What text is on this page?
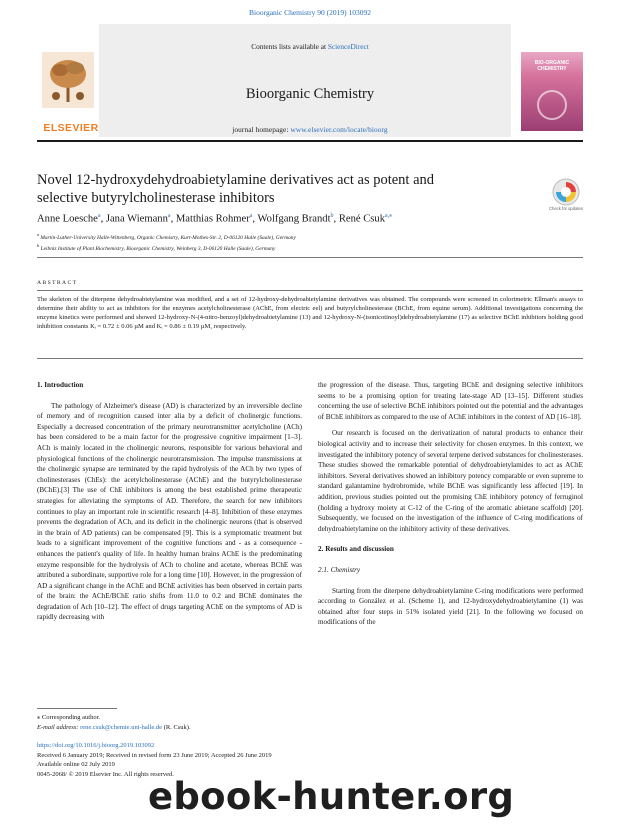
Bioorganic Chemistry 90 (2019) 103092
Contents lists available at ScienceDirect
Bioorganic Chemistry
journal homepage: www.elsevier.com/locate/bioorg
ELSEVIER
BIO-ORGANIC CHEMISTRY
Novel 12-hydroxydehydroabietylamine derivatives act as potent and selective butyrylcholinesterase inhibitors
Check for updates
Anne Loesche$^a$, Jana Wiemann$^a$, Matthias Rohmer$^a$, Wolfgang Brandt$^b$, René Csuk$^{a,⁎}$
$^a$ Martin-Luther-University Halle-Wittenberg, Organic Chemistry, Kurt-Mothes-Str. 2, D-06120 Halle (Saale), Germany
$^b$ Leibniz Institute of Plant Biochemistry, Bioorganic Chemistry, Weinberg 3, D-06120 Halle (Saale), Germany
ABSTRACT
The skeleton of the diterpene dehydroabietylamine was modified, and a set of 12-hydroxy-dehydroabietylamine derivatives was obtained. The compounds were screened in colorimetric Ellman's assays to determine their ability to act as inhibitors for the enzymes acetylcholinesterase (AChE, from electric eel) and butyrylcholinesterase (BChE, from equine serum). Additional investigations concerning the enzyme kinetics were performed and showed 12-hydroxy-N-(4-nitro-benzoyl)dehydroabietylamine (13) and 12-hydroxy-N-(isonicotinoyl)dehydroabietylamine (17) as selective BChE inhibitors holding good inhibition constants Kᵢ = 0.72 ± 0.06 µM and Kᵢ = 0.86 ± 0.19 µM, respectively.
1. Introduction
The pathology of Alzheimer's disease (AD) is characterized by an irreversible decline of memory and of recognition caused inter alia by a deficit of cholinergic functions. Especially a decreased concentration of the primary neurotransmitter acetylcholine (ACh) has been considered to be a main factor for the progressive cognitive impairment [1–3]. ACh is mainly located in the cholinergic neurons, responsible for various behavioral and physiological functions of the cholinergic neurotransmission. The impulse transmissions at the cholinergic synapse are terminated by the rapid hydrolysis of the ACh by two types of cholinesterases (ChEs): the acetylcholinesterase (AChE) and the butyrylcholinesterase (BChE).[3] The use of ChE inhibitors is among the best established prime therapeutic strategies for alleviating the symptoms of AD. Therefore, the search for new inhibitors continues to play an important role in scientific research [4–8]. Inhibition of these enzymes prevents the degradation of ACh, and its deficit in the cholinergic neurons (that is observed in the brain of AD patients) can be compensated [9]. This is a symptomatic treatment but leads to a significant improvement of the cognitive functions and - as a consequence - enhances the patient's quality of life. In healthy human brains AChE is the predominating enzyme responsible for the hydrolysis of ACh to choline and acetate, whereas BChE was attributed a subordinate, supportive role for a long time [10]. However, in the progression of AD a significant change in the AChE and BChE activities has been observed in certain parts of the brain: the AChE/BChE ratio shifts from 11.0 to 0.2 and BChE dominates the degradation of Ach [10–12]. The effect of drugs targeting AChE on the symptoms of AD is rapidly decreasing with
the progression of the disease. Thus, targeting BChE and designing selective inhibitors seems to be a promising option for treating late-stage AD [13–15]. Different studies concerning the use of selective BChE inhibitors pointed out the potential and the advantages of BChE inhibitors as compared to the use of AChE inhibitors in the context of AD [16–18].
Our research is focused on the derivatization of natural products to enhance their biological activity and to increase their selectivity for chosen enzymes. In this context, we investigated the inhibitory potency of several terpene derived substances for cholinesterases. These studies showed the remarkable potential of dehydroabietylamides to act as AChE inhibitors. Several derivatives showed an inhibitory potency comparable or even supreme to standard galantamine hydrobromide, while BChE was significantly less affected [19]. In addition, previous studies pointed out the promising ChE inhibitory potency of ferruginol (holding a hydroxy moiety at C-12 of the C-ring of the aromatic abietane scaffold) [20]. Subsequently, we focused on the investigation of the influence of C-ring modifications of dehydroabietylamine on the inhibitory activity of these derivatives.
2. Results and discussion
2.1. Chemistry
Starting from the diterpene dehydroabietylamine C-ring modifications were performed according to González et al. (Scheme 1), and 12-hydroxydehydroabietylamine (1) was obtained after four steps in 51% isolated yield [21]. In the following we focused on modifications of the
⁎ Corresponding author.
E-mail address: rene.csuk@chemie.uni-halle.de (R. Csuk).
https://doi.org/10.1016/j.bioorg.2019.103092
Received 6 January 2019; Received in revised form 23 June 2019; Accepted 26 June 2019
Available online 02 July 2019
0045-2068/ © 2019 Elsevier Inc. All rights reserved.
ebook-hunter.org
